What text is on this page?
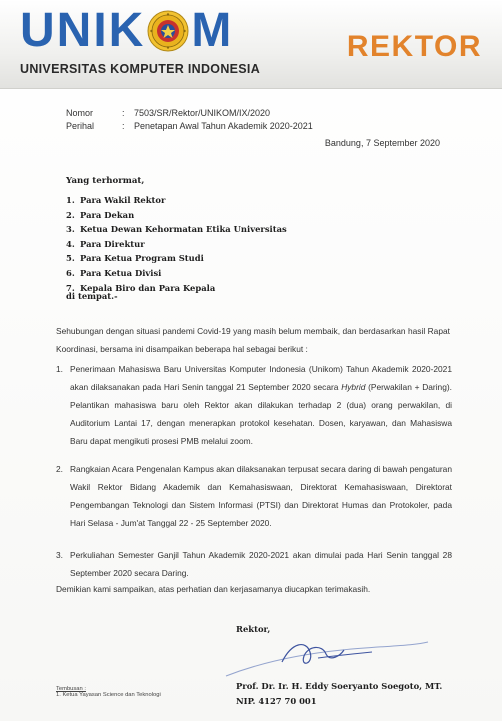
UNIK M
UNIVERSITAS KOMPUTER INDONESIA
REKTOR
Nomor	:	7503/SR/Rektor/UNIKOM/IX/2020
Perihal	:	Penetapan Awal Tahun Akademik 2020-2021
Bandung, 7 September 2020
Yang terhormat,
1. Para Wakil Rektor
2. Para Dekan
3. Ketua Dewan Kehormatan Etika Universitas
4. Para Direktur
5. Para Ketua Program Studi
6. Para Ketua Divisi
7. Kepala Biro dan Para Kepala
di tempat.-
Sehubungan dengan situasi pandemi Covid-19 yang masih belum membaik, dan berdasarkan hasil Rapat Koordinasi, bersama ini disampaikan beberapa hal sebagai berikut :
1. Penerimaan Mahasiswa Baru Universitas Komputer Indonesia (Unikom) Tahun Akademik 2020-2021 akan dilaksanakan pada Hari Senin tanggal 21 September 2020 secara Hybrid (Perwakilan + Daring). Pelantikan mahasiswa baru oleh Rektor akan dilakukan terhadap 2 (dua) orang perwakilan, di Auditorium Lantai 17, dengan menerapkan protokol kesehatan. Dosen, karyawan, dan Mahasiswa Baru dapat mengikuti prosesi PMB melalui zoom.
2. Rangkaian Acara Pengenalan Kampus akan dilaksanakan terpusat secara daring di bawah pengaturan Wakil Rektor Bidang Akademik dan Kemahasiswaan, Direktorat Kemahasiswaan, Direktorat Pengembangan Teknologi dan Sistem Informasi (PTSI) dan Direktorat Humas dan Protokoler, pada Hari Selasa - Jum'at Tanggal 22 - 25 September 2020.
3. Perkuliahan Semester Ganjil Tahun Akademik 2020-2021 akan dimulai pada Hari Senin tanggal 28 September 2020 secara Daring.
Demikian kami sampaikan, atas perhatian dan kerjasamanya diucapkan terimakasih.
Rektor,
Prof. Dr. Ir. H. Eddy Soeryanto Soegoto, MT.
NIP. 4127 70 001
Tembusan :
1. Ketua Yayasan Science dan Teknologi
